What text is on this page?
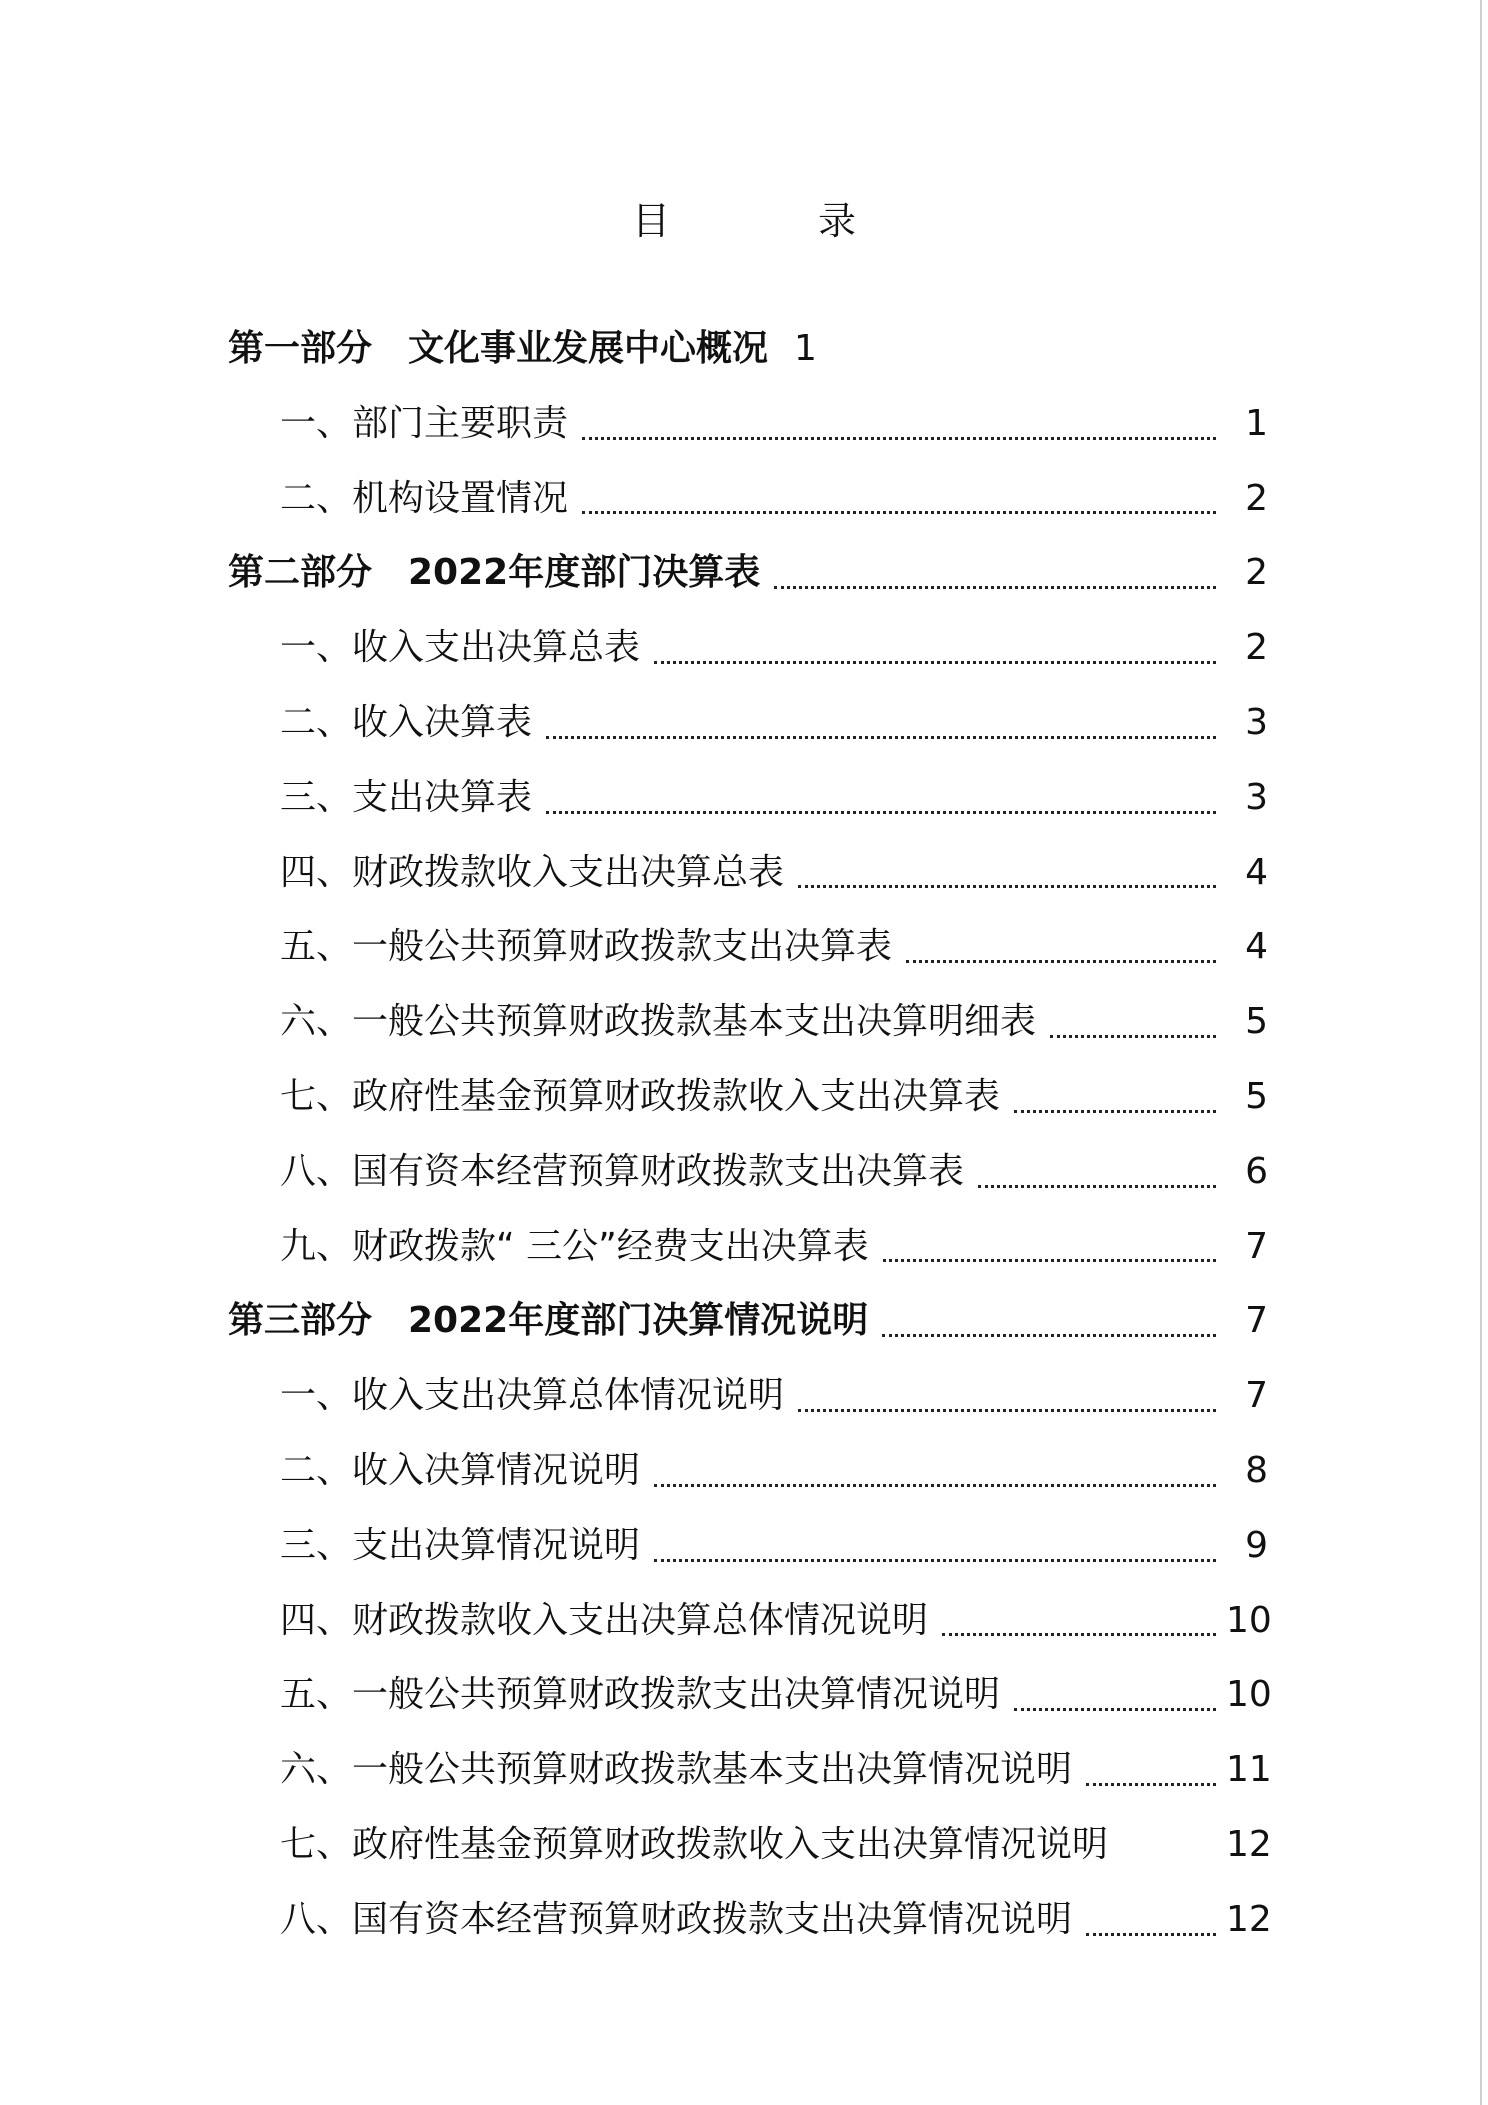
目	录
第一部分　文化事业发展中心概况 1
一、部门主要职责	1
二、机构设置情况	2
第二部分　2022年度部门决算表	2
一、收入支出决算总表	2
二、收入决算表	3
三、支出决算表	3
四、财政拨款收入支出决算总表	4
五、一般公共预算财政拨款支出决算表	4
六、一般公共预算财政拨款基本支出决算明细表	5
七、政府性基金预算财政拨款收入支出决算表	5
八、国有资本经营预算财政拨款支出决算表	6
九、财政拨款“ 三公”经费支出决算表	7
第三部分　2022年度部门决算情况说明	7
一、收入支出决算总体情况说明	7
二、收入决算情况说明	8
三、支出决算情况说明	9
四、财政拨款收入支出决算总体情况说明	10
五、一般公共预算财政拨款支出决算情况说明	10
六、一般公共预算财政拨款基本支出决算情况说明	11
七、政府性基金预算财政拨款收入支出决算情况说明	12
八、国有资本经营预算财政拨款支出决算情况说明	12
